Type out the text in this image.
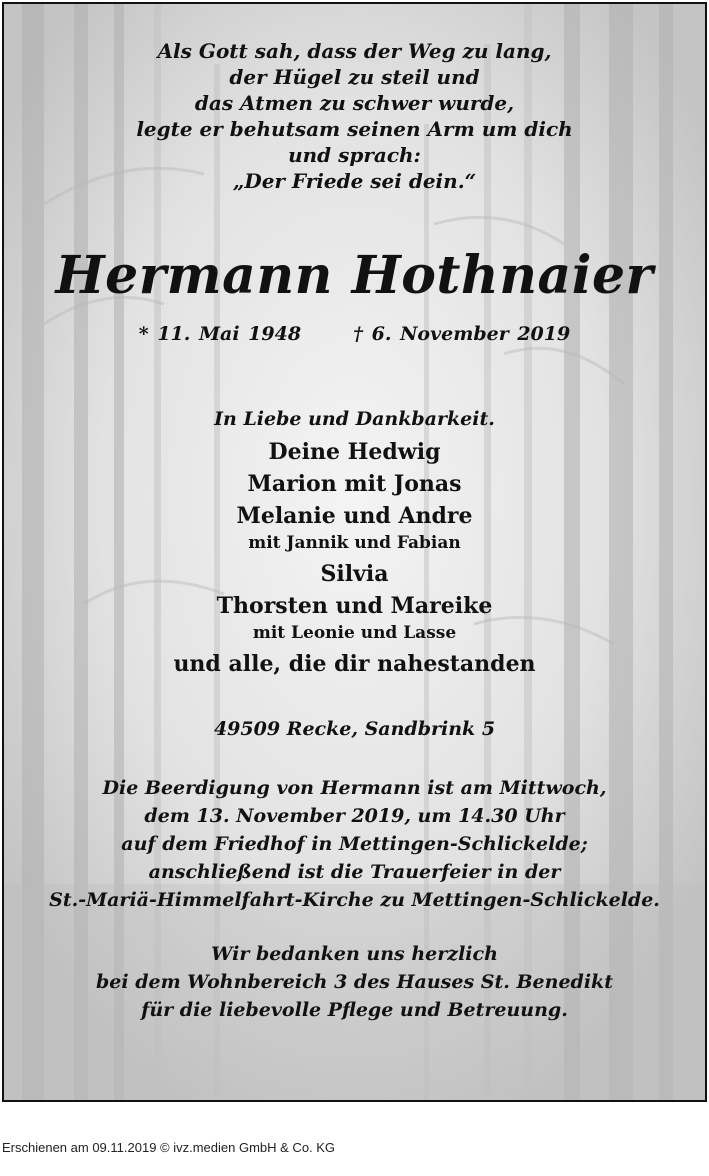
Als Gott sah, dass der Weg zu lang,
der Hügel zu steil und
das Atmen zu schwer wurde,
legte er behutsam seinen Arm um dich
und sprach:
„Der Friede sei dein.“
Hermann Hothnaier
* 11. Mai 1948	† 6. November 2019
In Liebe und Dankbarkeit.
Deine Hedwig
Marion mit Jonas
Melanie und Andre
mit Jannik und Fabian
Silvia
Thorsten und Mareike
mit Leonie und Lasse
und alle, die dir nahestanden
49509 Recke, Sandbrink 5
Die Beerdigung von Hermann ist am Mittwoch,
dem 13. November 2019, um 14.30 Uhr
auf dem Friedhof in Mettingen-Schlickelde;
anschließend ist die Trauerfeier in der
St.-Mariä-Himmelfahrt-Kirche zu Mettingen-Schlickelde.
Wir bedanken uns herzlich
bei dem Wohnbereich 3 des Hauses St. Benedikt
für die liebevolle Pflege und Betreuung.
Erschienen am 09.11.2019 © ivz.medien GmbH & Co. KG
